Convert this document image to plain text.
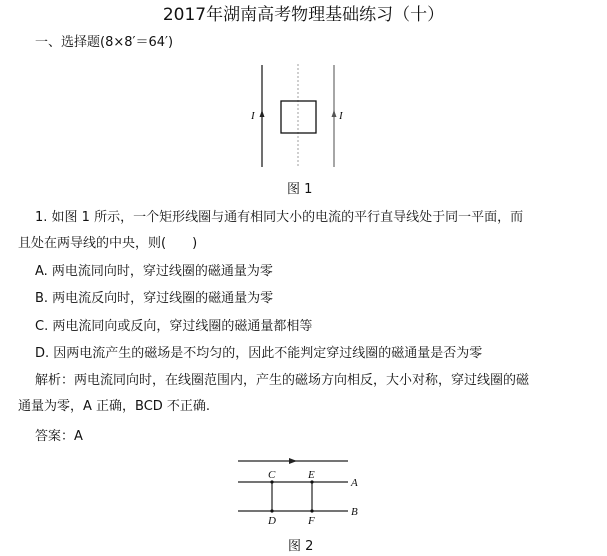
2017年湖南高考物理基础练习（十）
一、选择题(8×8′＝64′)
I	I
图 1
1. 如图 1 所示，一个矩形线圈与通有相同大小的电流的平行直导线处于同一平面，而
且处在两导线的中央，则(　　)
A. 两电流同向时，穿过线圈的磁通量为零
B. 两电流反向时，穿过线圈的磁通量为零
C. 两电流同向或反向，穿过线圈的磁通量都相等
D. 因两电流产生的磁场是不均匀的，因此不能判定穿过线圈的磁通量是否为零
解析：两电流同向时，在线圈范围内，产生的磁场方向相反，大小对称，穿过线圈的磁
通量为零，A 正确，BCD 不正确.
答案：A
C	E
A
B
D	F
图 2
